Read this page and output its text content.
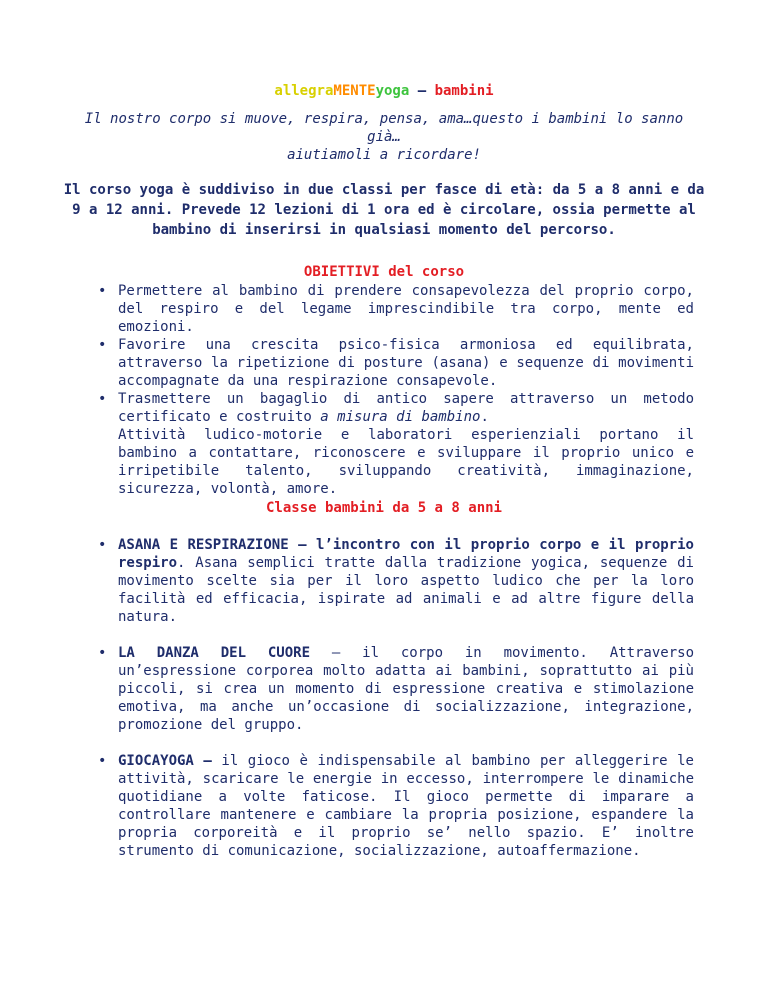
allegraMENTEyoga – bambini
Il nostro corpo si muove, respira, pensa, ama…questo i bambini lo sanno già…
aiutiamoli a ricordare!
Il corso yoga è suddiviso in due classi per fasce di età: da 5 a 8 anni e da 9 a 12 anni. Prevede 12 lezioni di 1 ora ed è circolare, ossia permette al bambino di inserirsi in qualsiasi momento del percorso.
OBIETTIVI del corso
• Permettere al bambino di prendere consapevolezza del proprio corpo, del respiro e del legame imprescindibile tra corpo, mente ed emozioni.
• Favorire una crescita psico-fisica armoniosa ed equilibrata, attraverso la ripetizione di posture (asana) e sequenze di movimenti accompagnate da una respirazione consapevole.
• Trasmettere un bagaglio di antico sapere attraverso un metodo certificato e costruito a misura di bambino.
Attività ludico-motorie e laboratori esperienziali portano il bambino a contattare, riconoscere e sviluppare il proprio unico e irripetibile talento, sviluppando creatività, immaginazione, sicurezza, volontà, amore.
Classe bambini da 5 a 8 anni
• ASANA E RESPIRAZIONE – l’incontro con il proprio corpo e il proprio respiro. Asana semplici tratte dalla tradizione yogica, sequenze di movimento scelte sia per il loro aspetto ludico che per la loro facilità ed efficacia, ispirate ad animali e ad altre figure della natura.
• LA DANZA DEL CUORE – il corpo in movimento. Attraverso un’espressione corporea molto adatta ai bambini, soprattutto ai più piccoli, si crea un momento di espressione creativa e stimolazione emotiva, ma anche un’occasione di socializzazione, integrazione, promozione del gruppo.
• GIOCAYOGA – il gioco è indispensabile al bambino per alleggerire le attività, scaricare le energie in eccesso, interrompere le dinamiche quotidiane a volte faticose. Il gioco permette di imparare a controllare mantenere e cambiare la propria posizione, espandere la propria corporeità e il proprio se’ nello spazio. E’ inoltre strumento di comunicazione, socializzazione, autoaffermazione.
